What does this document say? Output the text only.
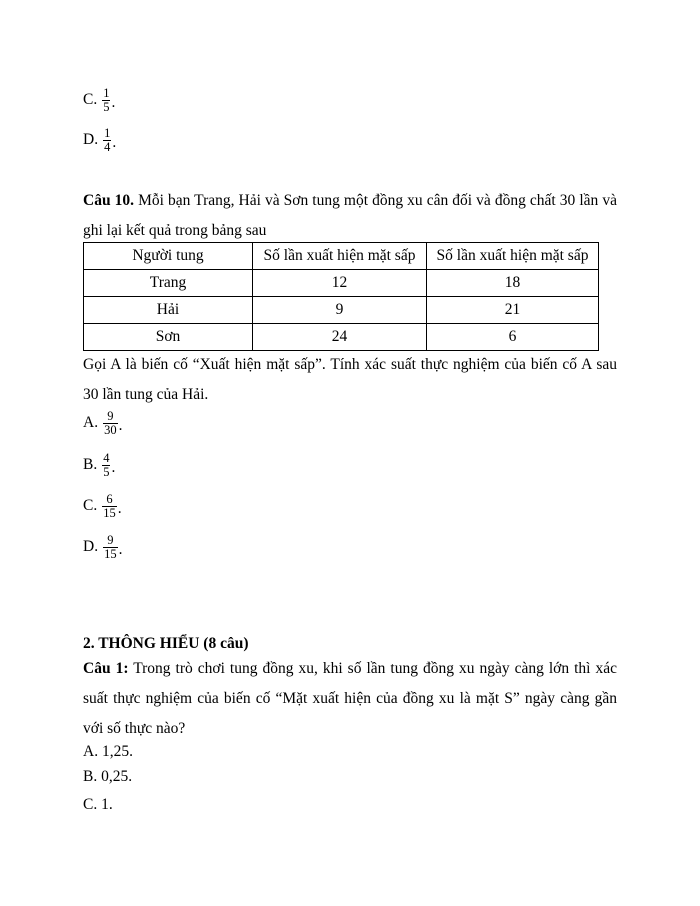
C. $\frac{1}{5}$ .
D. $\frac{1}{4}$ .
Câu 10. Mỗi bạn Trang, Hải và Sơn tung một đồng xu cân đối và đồng chất 30 lần và ghi lại kết quả trong bảng sau
Người tung	Số lần xuất hiện mặt sấp	Số lần xuất hiện mặt sấp
Trang	12	18
Hải	9	21
Sơn	24	6
Gọi A là biến cố “Xuất hiện mặt sấp”. Tính xác suất thực nghiệm của biến cố A sau 30 lần tung của Hải.
A. $\frac{9}{30}$ .
B. $\frac{4}{5}$ .
C. $\frac{6}{15}$ .
D. $\frac{9}{15}$ .
2. THÔNG HIỂU (8 câu)
Câu 1: Trong trò chơi tung đồng xu, khi số lần tung đồng xu ngày càng lớn thì xác suất thực nghiệm của biến cố “Mặt xuất hiện của đồng xu là mặt S” ngày càng gần với số thực nào?
A. 1,25.
B. 0,25.
C. 1.
